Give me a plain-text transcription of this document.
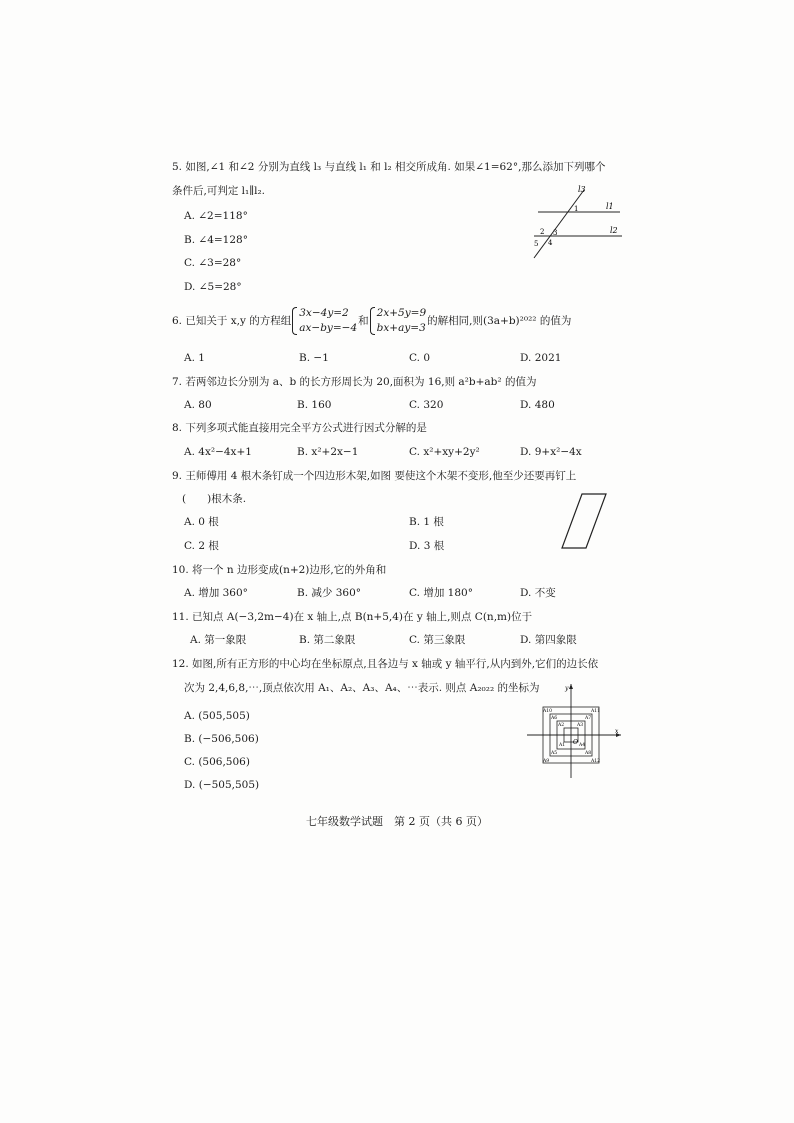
5. 如图,∠1 和∠2 分别为直线 l₃ 与直线 l₁ 和 l₂ 相交所成角. 如果∠1=62°,那么添加下列哪个
条件后,可判定 l₁∥l₂.
A. ∠2=118°
B. ∠4=128°
C. ∠3=28°
D. ∠5=28°
l3
l1
l2
1
2 3
4
5
6. 已知关于 x,y 的方程组
3x−4y=2
ax−by=−4
和
2x+5y=9
bx+ay=3
的解相同,则(3a+b)²⁰²² 的值为
A. 1	B. −1	C. 0	D. 2021
7. 若两邻边长分别为 a、b 的长方形周长为 20,面积为 16,则 a²b+ab² 的值为
A. 80	B. 160	C. 320	D. 480
8. 下列多项式能直接用完全平方公式进行因式分解的是
A. 4x²−4x+1	B. x²+2x−1	C. x²+xy+2y²	D. 9+x²−4x
9. 王师傅用 4 根木条钉成一个四边形木架,如图 要使这个木架不变形,他至少还要再钉上
(　　)根木条.
A. 0 根	B. 1 根
C. 2 根	D. 3 根
10. 将一个 n 边形变成(n+2)边形,它的外角和
A. 增加 360°	B. 减少 360°	C. 增加 180°	D. 不变
11. 已知点 A(−3,2m−4)在 x 轴上,点 B(n+5,4)在 y 轴上,则点 C(n,m)位于
A. 第一象限	B. 第二象限	C. 第三象限	D. 第四象限
12. 如图,所有正方形的中心均在坐标原点,且各边与 x 轴或 y 轴平行,从内到外,它们的边长依
次为 2,4,6,8,⋯,顶点依次用 A₁、A₂、A₃、A₄、⋯表示. 则点 A₂₀₂₂ 的坐标为
A. (505,505)
B. (−506,506)
C. (506,506)
D. (−505,505)
O
x
y
A1
A2	A3
A4
A5
A6	A7
A8
A9
A10	A11
A12
七年级数学试题　第 2 页（共 6 页）
